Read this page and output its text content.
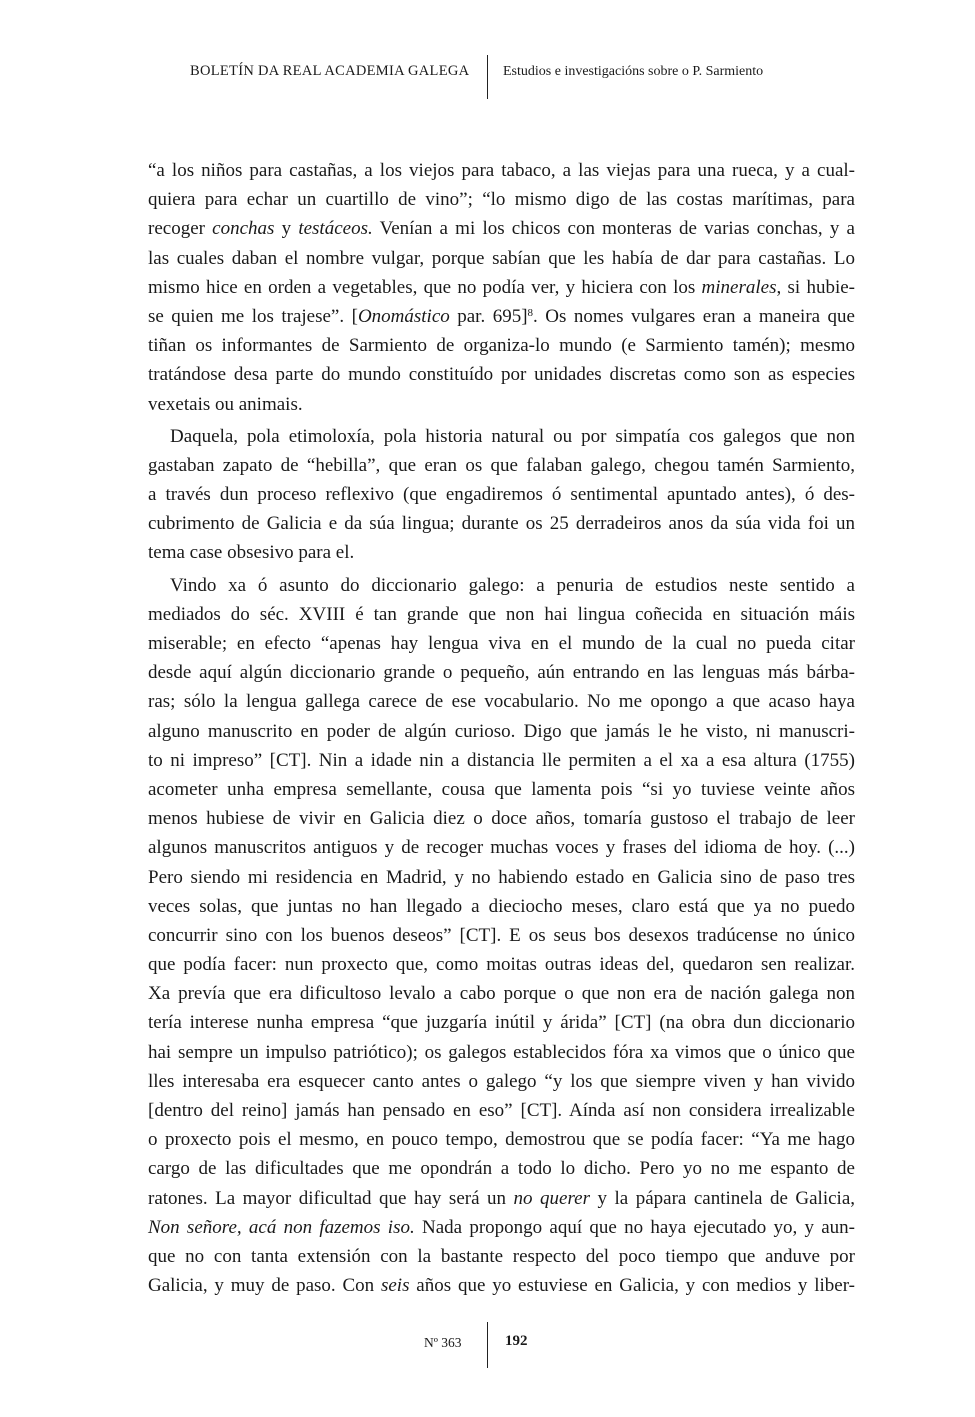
BOLETÍN DA REAL ACADEMIA GALEGA Estudios e investigacións sobre o P. Sarmiento
“a los niños para castañas, a los viejos para tabaco, a las viejas para una rueca, y a cual-
quiera para echar un cuartillo de vino”; “lo mismo digo de las costas marítimas, para
recoger conchas y testáceos. Venían a mi los chicos con monteras de varias conchas, y a
las cuales daban el nombre vulgar, porque sabían que les había de dar para castañas. Lo
mismo hice en orden a vegetables, que no podía ver, y hiciera con los minerales, si hubie-
se quien me los trajese”. [Onomástico par. 695]$^8$. Os nomes vulgares eran a maneira que
tiñan os informantes de Sarmiento de organiza-lo mundo (e Sarmiento tamén); mesmo
tratándose desa parte do mundo constituído por unidades discretas como son as especies
vexetais ou animais.
Daquela, pola etimoloxía, pola historia natural ou por simpatía cos galegos que non
gastaban zapato de “hebilla”, que eran os que falaban galego, chegou tamén Sarmiento,
a través dun proceso reflexivo (que engadiremos ó sentimental apuntado antes), ó des-
cubrimento de Galicia e da súa lingua; durante os 25 derradeiros anos da súa vida foi un
tema case obsesivo para el.
Vindo xa ó asunto do diccionario galego: a penuria de estudios neste sentido a
mediados do séc. XVIII é tan grande que non hai lingua coñecida en situación máis
miserable; en efecto “apenas hay lengua viva en el mundo de la cual no pueda citar
desde aquí algún diccionario grande o pequeño, aún entrando en las lenguas más bárba-
ras; sólo la lengua gallega carece de ese vocabulario. No me opongo a que acaso haya
alguno manuscrito en poder de algún curioso. Digo que jamás le he visto, ni manuscri-
to ni impreso” [CT]. Nin a idade nin a distancia lle permiten a el xa a esa altura (1755)
acometer unha empresa semellante, cousa que lamenta pois “si yo tuviese veinte años
menos hubiese de vivir en Galicia diez o doce años, tomaría gustoso el trabajo de leer
algunos manuscritos antiguos y de recoger muchas voces y frases del idioma de hoy. (...)
Pero siendo mi residencia en Madrid, y no habiendo estado en Galicia sino de paso tres
veces solas, que juntas no han llegado a dieciocho meses, claro está que ya no puedo
concurrir sino con los buenos deseos” [CT]. E os seus bos desexos tradúcense no único
que podía facer: nun proxecto que, como moitas outras ideas del, quedaron sen realizar.
Xa prevía que era dificultoso levalo a cabo porque o que non era de nación galega non
tería interese nunha empresa “que juzgaría inútil y árida” [CT] (na obra dun diccionario
hai sempre un impulso patriótico); os galegos establecidos fóra xa vimos que o único que
lles interesaba era esquecer canto antes o galego “y los que siempre viven y han vivido
[dentro del reino] jamás han pensado en eso” [CT]. Aínda así non considera irrealizable
o proxecto pois el mesmo, en pouco tempo, demostrou que se podía facer: “Ya me hago
cargo de las dificultades que me opondrán a todo lo dicho. Pero yo no me espanto de
ratones. La mayor dificultad que hay será un no querer y la pápara cantinela de Galicia,
Non señore, acá non fazemos iso. Nada propongo aquí que no haya ejecutado yo, y aun-
que no con tanta extensión con la bastante respecto del poco tiempo que anduve por
Galicia, y muy de paso. Con seis años que yo estuviese en Galicia, y con medios y liber-
Nº 363	192
